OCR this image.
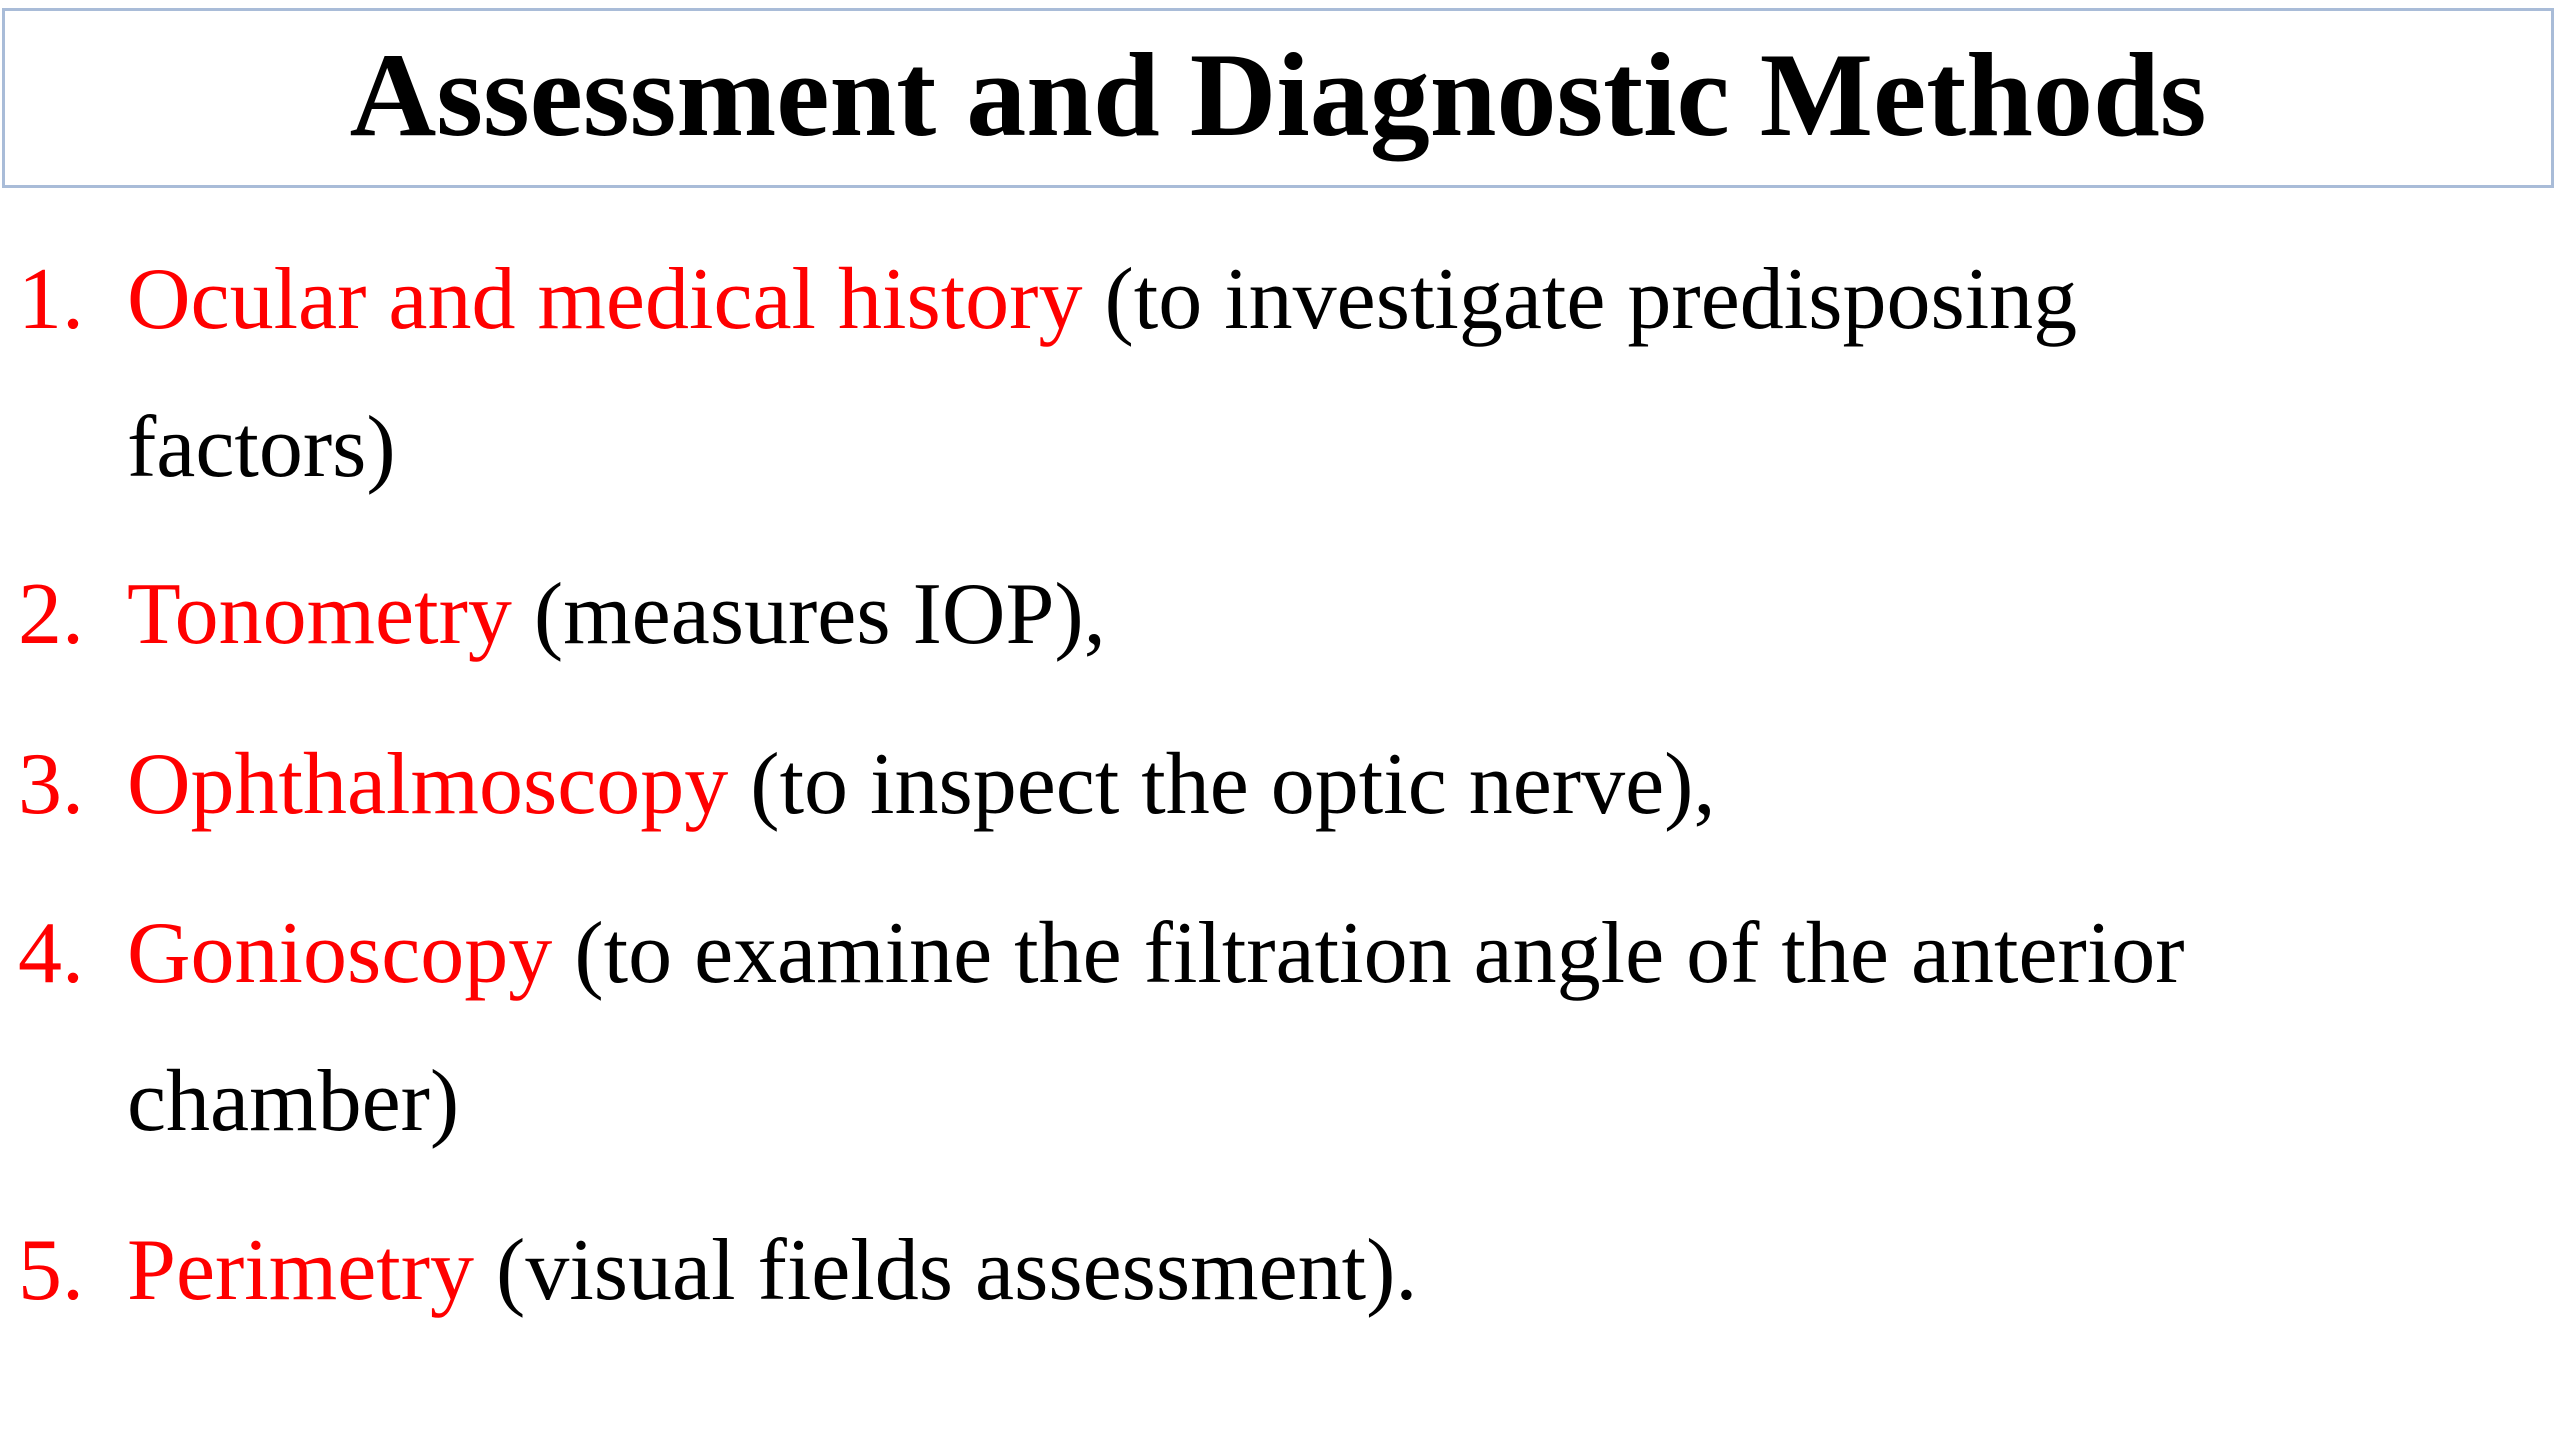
Assessment and Diagnostic Methods
1. Ocular and medical history (to investigate predisposing factors)
2. Tonometry (measures IOP),
3. Ophthalmoscopy (to inspect the optic nerve),
4. Gonioscopy (to examine the filtration angle of the anterior chamber)
5. Perimetry (visual fields assessment).
